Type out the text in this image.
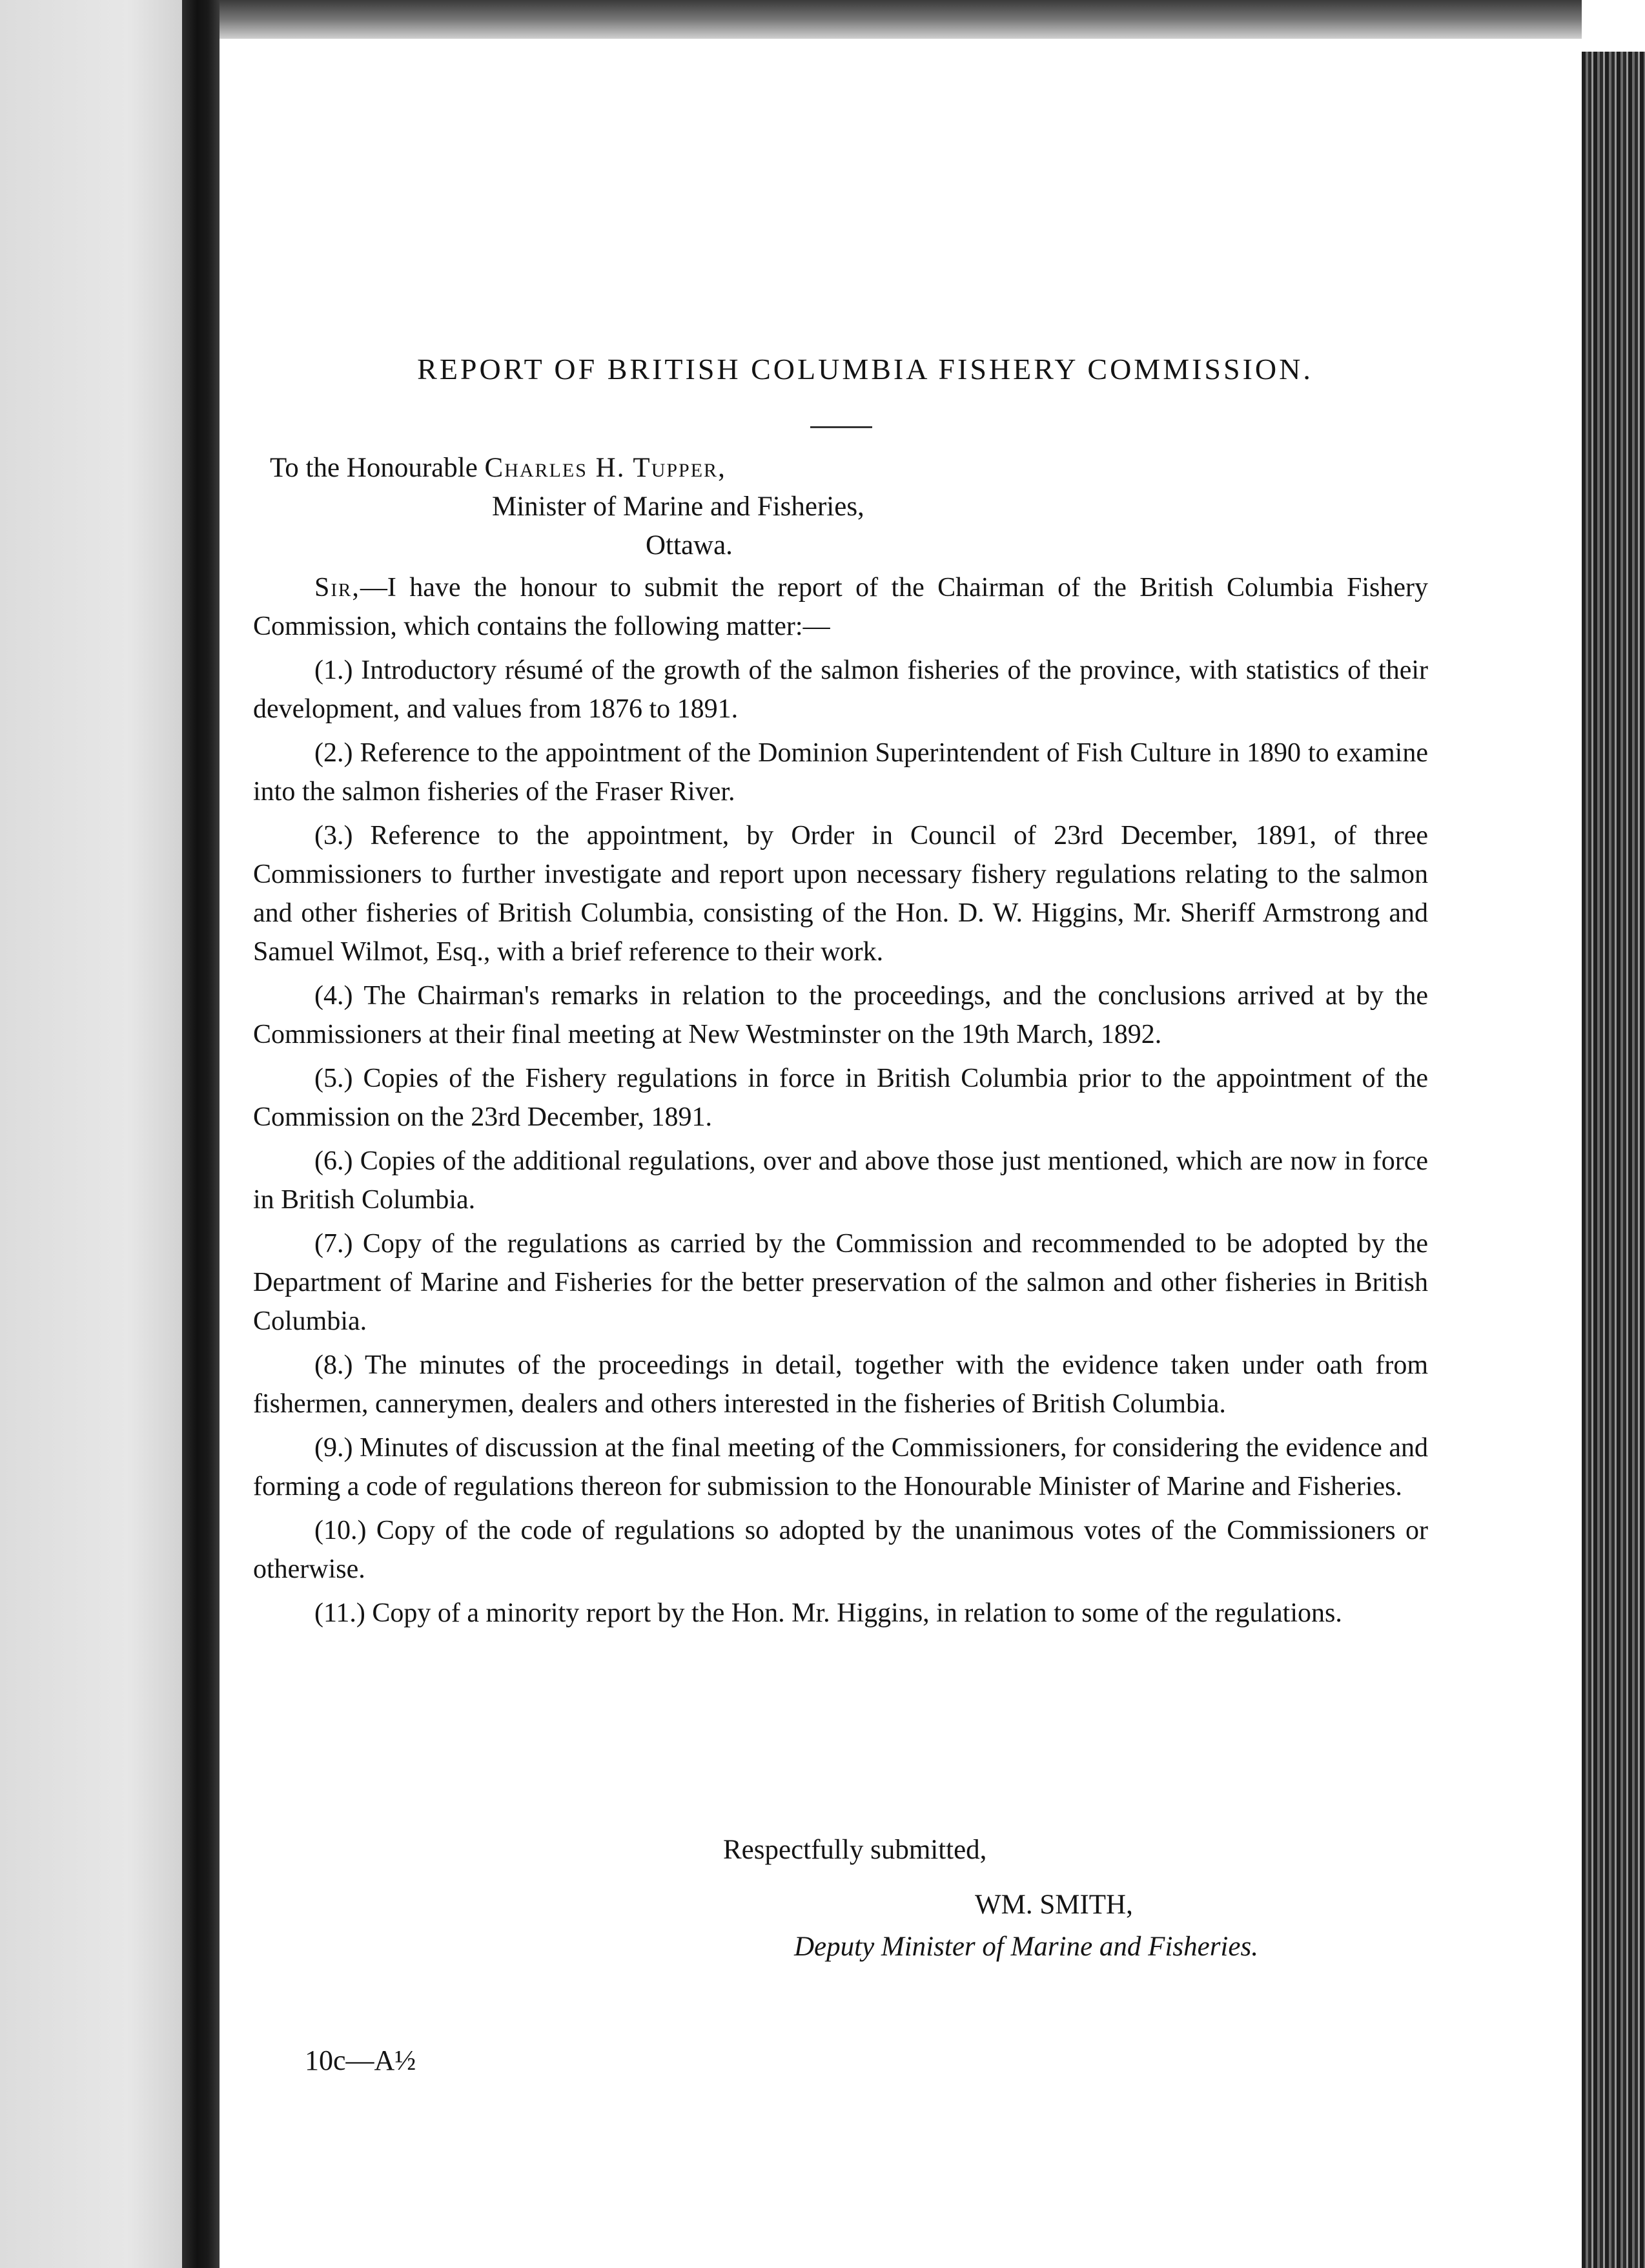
REPORT OF BRITISH COLUMBIA FISHERY COMMISSION.
To the Honourable Charles H. Tupper,
Minister of Marine and Fisheries,
Ottawa.

Sir,—I have the honour to submit the report of the Chairman of the British Columbia Fishery Commission, which contains the following matter:—

(1.) Introductory résumé of the growth of the salmon fisheries of the province, with statistics of their development, and values from 1876 to 1891.

(2.) Reference to the appointment of the Dominion Superintendent of Fish Culture in 1890 to examine into the salmon fisheries of the Fraser River.

(3.) Reference to the appointment, by Order in Council of 23rd December, 1891, of three Commissioners to further investigate and report upon necessary fishery regulations relating to the salmon and other fisheries of British Columbia, consisting of the Hon. D. W. Higgins, Mr. Sheriff Armstrong and Samuel Wilmot, Esq., with a brief reference to their work.

(4.) The Chairman's remarks in relation to the proceedings, and the conclusions arrived at by the Commissioners at their final meeting at New Westminster on the 19th March, 1892.

(5.) Copies of the Fishery regulations in force in British Columbia prior to the appointment of the Commission on the 23rd December, 1891.

(6.) Copies of the additional regulations, over and above those just mentioned, which are now in force in British Columbia.

(7.) Copy of the regulations as carried by the Commission and recommended to be adopted by the Department of Marine and Fisheries for the better preservation of the salmon and other fisheries in British Columbia.

(8.) The minutes of the proceedings in detail, together with the evidence taken under oath from fishermen, cannerymen, dealers and others interested in the fisheries of British Columbia.

(9.) Minutes of discussion at the final meeting of the Commissioners, for considering the evidence and forming a code of regulations thereon for submission to the Honourable Minister of Marine and Fisheries.

(10.) Copy of the code of regulations so adopted by the unanimous votes of the Commissioners or otherwise.

(11.) Copy of a minority report by the Hon. Mr. Higgins, in relation to some of the regulations.

Respectfully submitted,
WM. SMITH,
Deputy Minister of Marine and Fisheries.
10c—A½
